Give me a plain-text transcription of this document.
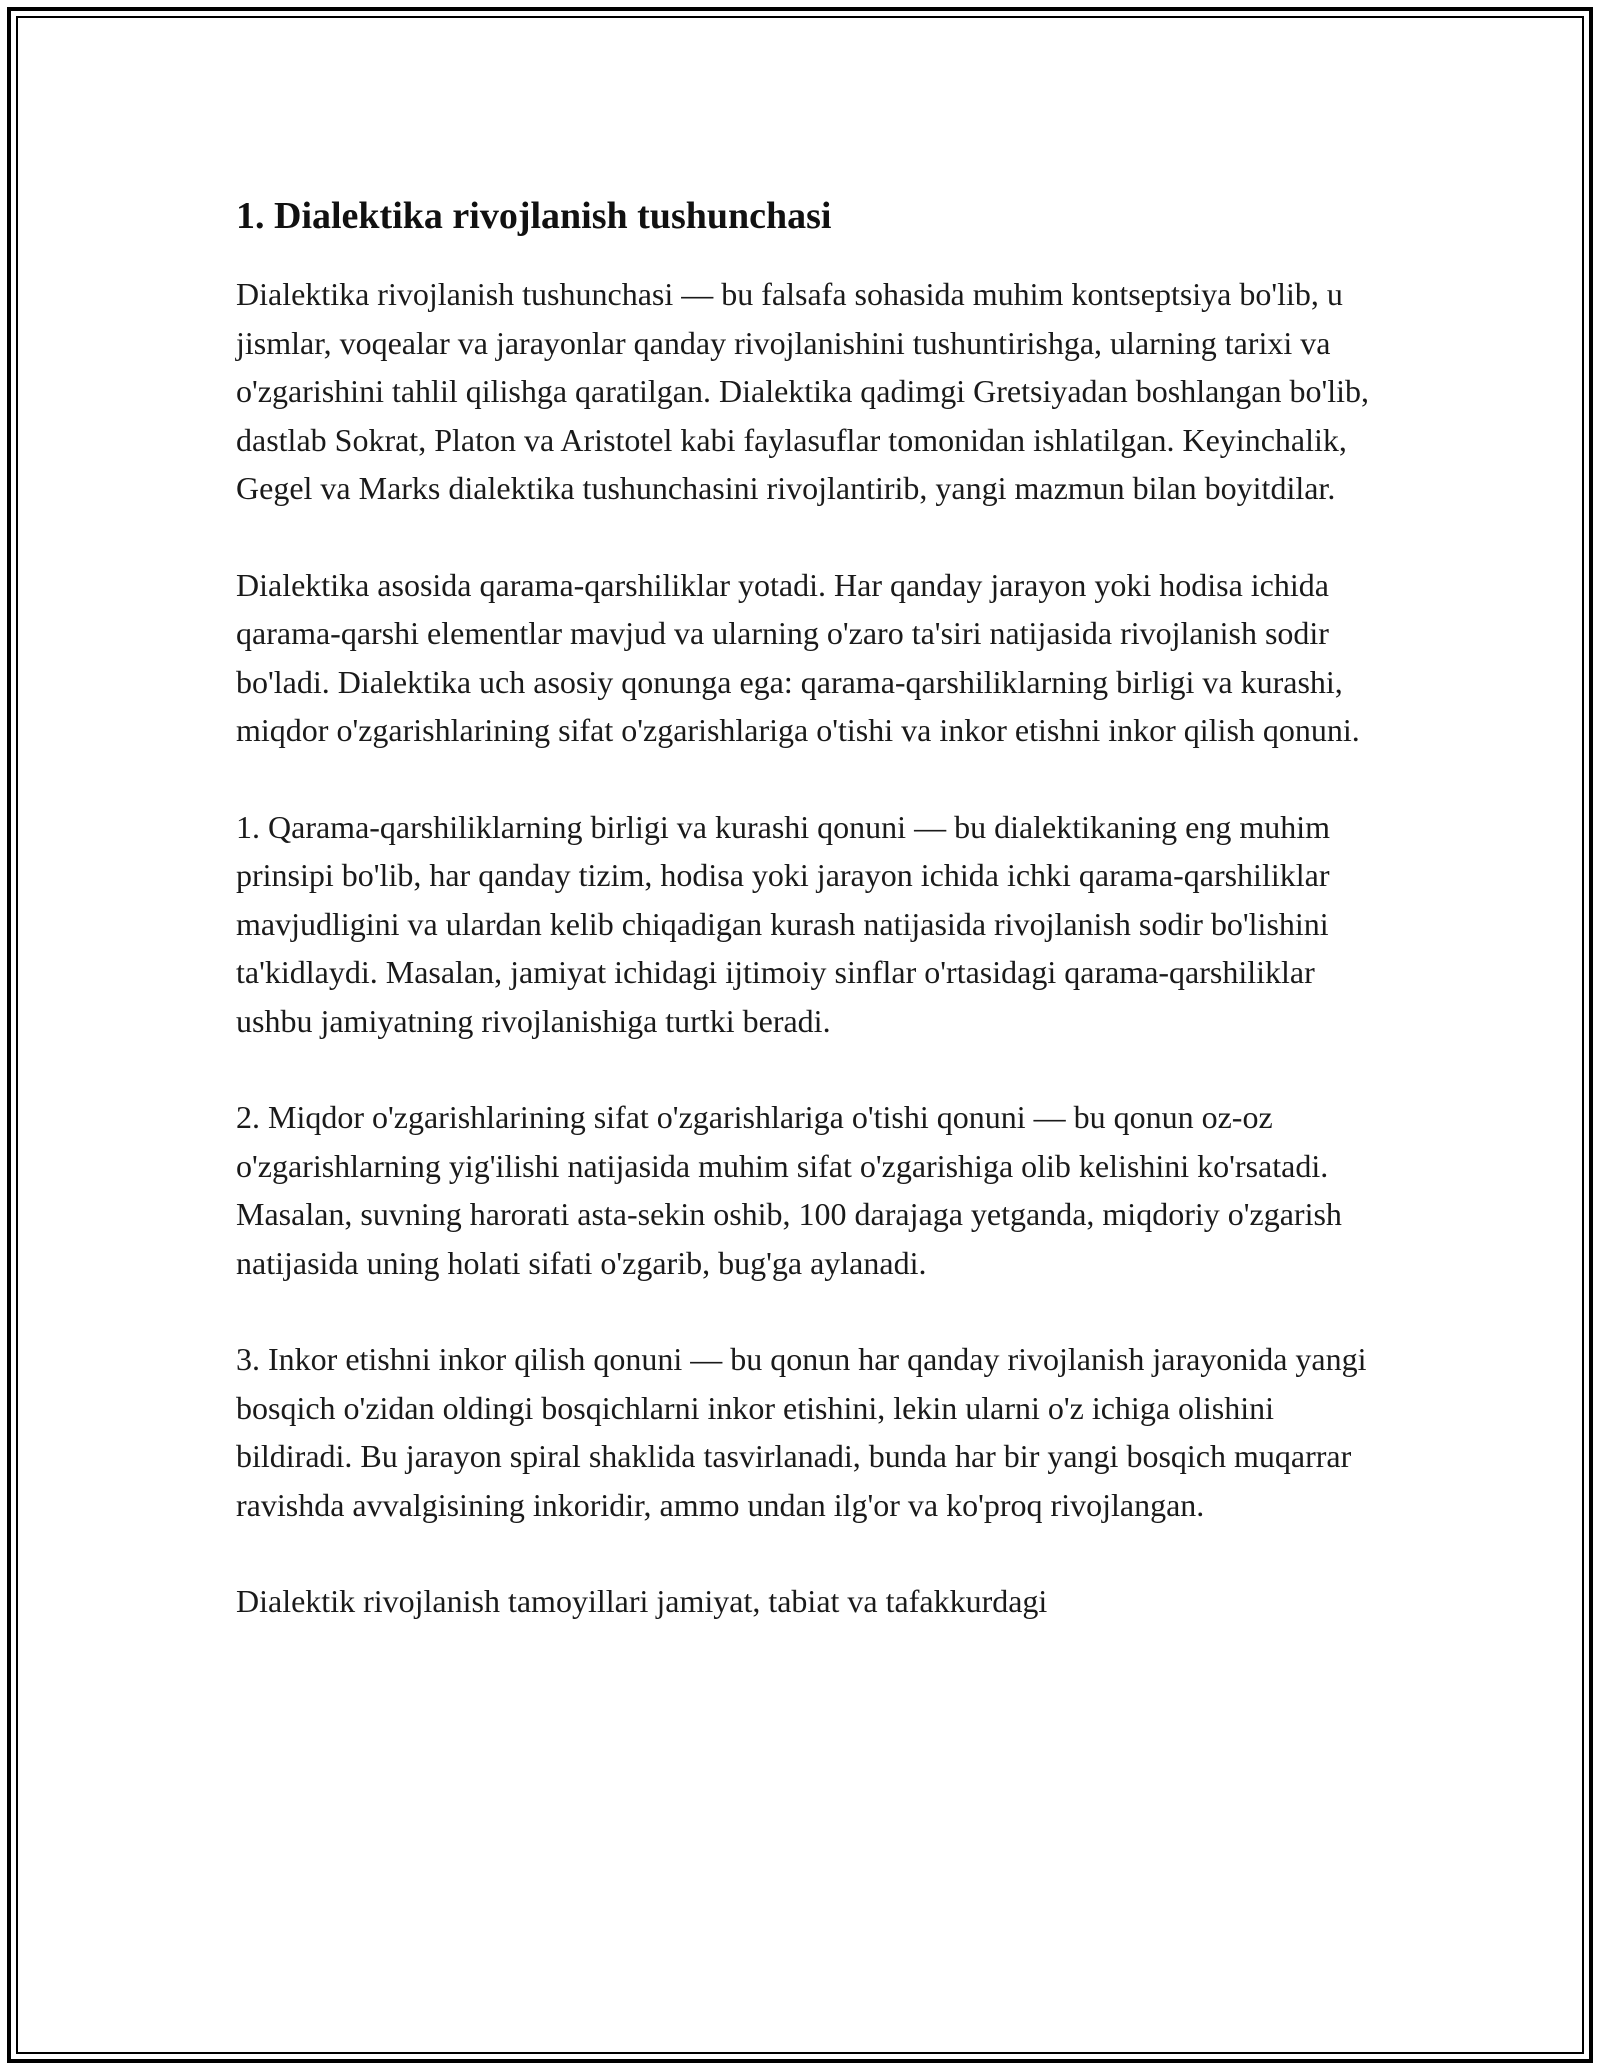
1. Dialektika rivojlanish tushunchasi

Dialektika rivojlanish tushunchasi — bu falsafa sohasida muhim kontseptsiya bo'lib, u jismlar, voqealar va jarayonlar qanday rivojlanishini tushuntirishga, ularning tarixi va o'zgarishini tahlil qilishga qaratilgan. Dialektika qadimgi Gretsiyadan boshlangan bo'lib, dastlab Sokrat, Platon va Aristotel kabi faylasuflar tomonidan ishlatilgan. Keyinchalik, Gegel va Marks dialektika tushunchasini rivojlantirib, yangi mazmun bilan boyitdilar.

Dialektika asosida qarama-qarshiliklar yotadi. Har qanday jarayon yoki hodisa ichida qarama-qarshi elementlar mavjud va ularning o'zaro ta'siri natijasida rivojlanish sodir bo'ladi. Dialektika uch asosiy qonunga ega: qarama-qarshiliklarning birligi va kurashi, miqdor o'zgarishlarining sifat o'zgarishlariga o'tishi va inkor etishni inkor qilish qonuni.

1. Qarama-qarshiliklarning birligi va kurashi qonuni — bu dialektikaning eng muhim prinsipi bo'lib, har qanday tizim, hodisa yoki jarayon ichida ichki qarama-qarshiliklar mavjudligini va ulardan kelib chiqadigan kurash natijasida rivojlanish sodir bo'lishini ta'kidlaydi. Masalan, jamiyat ichidagi ijtimoiy sinflar o'rtasidagi qarama-qarshiliklar ushbu jamiyatning rivojlanishiga turtki beradi.

2. Miqdor o'zgarishlarining sifat o'zgarishlariga o'tishi qonuni — bu qonun oz-oz o'zgarishlarning yig'ilishi natijasida muhim sifat o'zgarishiga olib kelishini ko'rsatadi. Masalan, suvning harorati asta-sekin oshib, 100 darajaga yetganda, miqdoriy o'zgarish natijasida uning holati sifati o'zgarib, bug'ga aylanadi.

3. Inkor etishni inkor qilish qonuni — bu qonun har qanday rivojlanish jarayonida yangi bosqich o'zidan oldingi bosqichlarni inkor etishini, lekin ularni o'z ichiga olishini bildiradi. Bu jarayon spiral shaklida tasvirlanadi, bunda har bir yangi bosqich muqarrar ravishda avvalgisining inkoridir, ammo undan ilg'or va ko'proq rivojlangan.

Dialektik rivojlanish tamoyillari jamiyat, tabiat va tafakkurdagi
